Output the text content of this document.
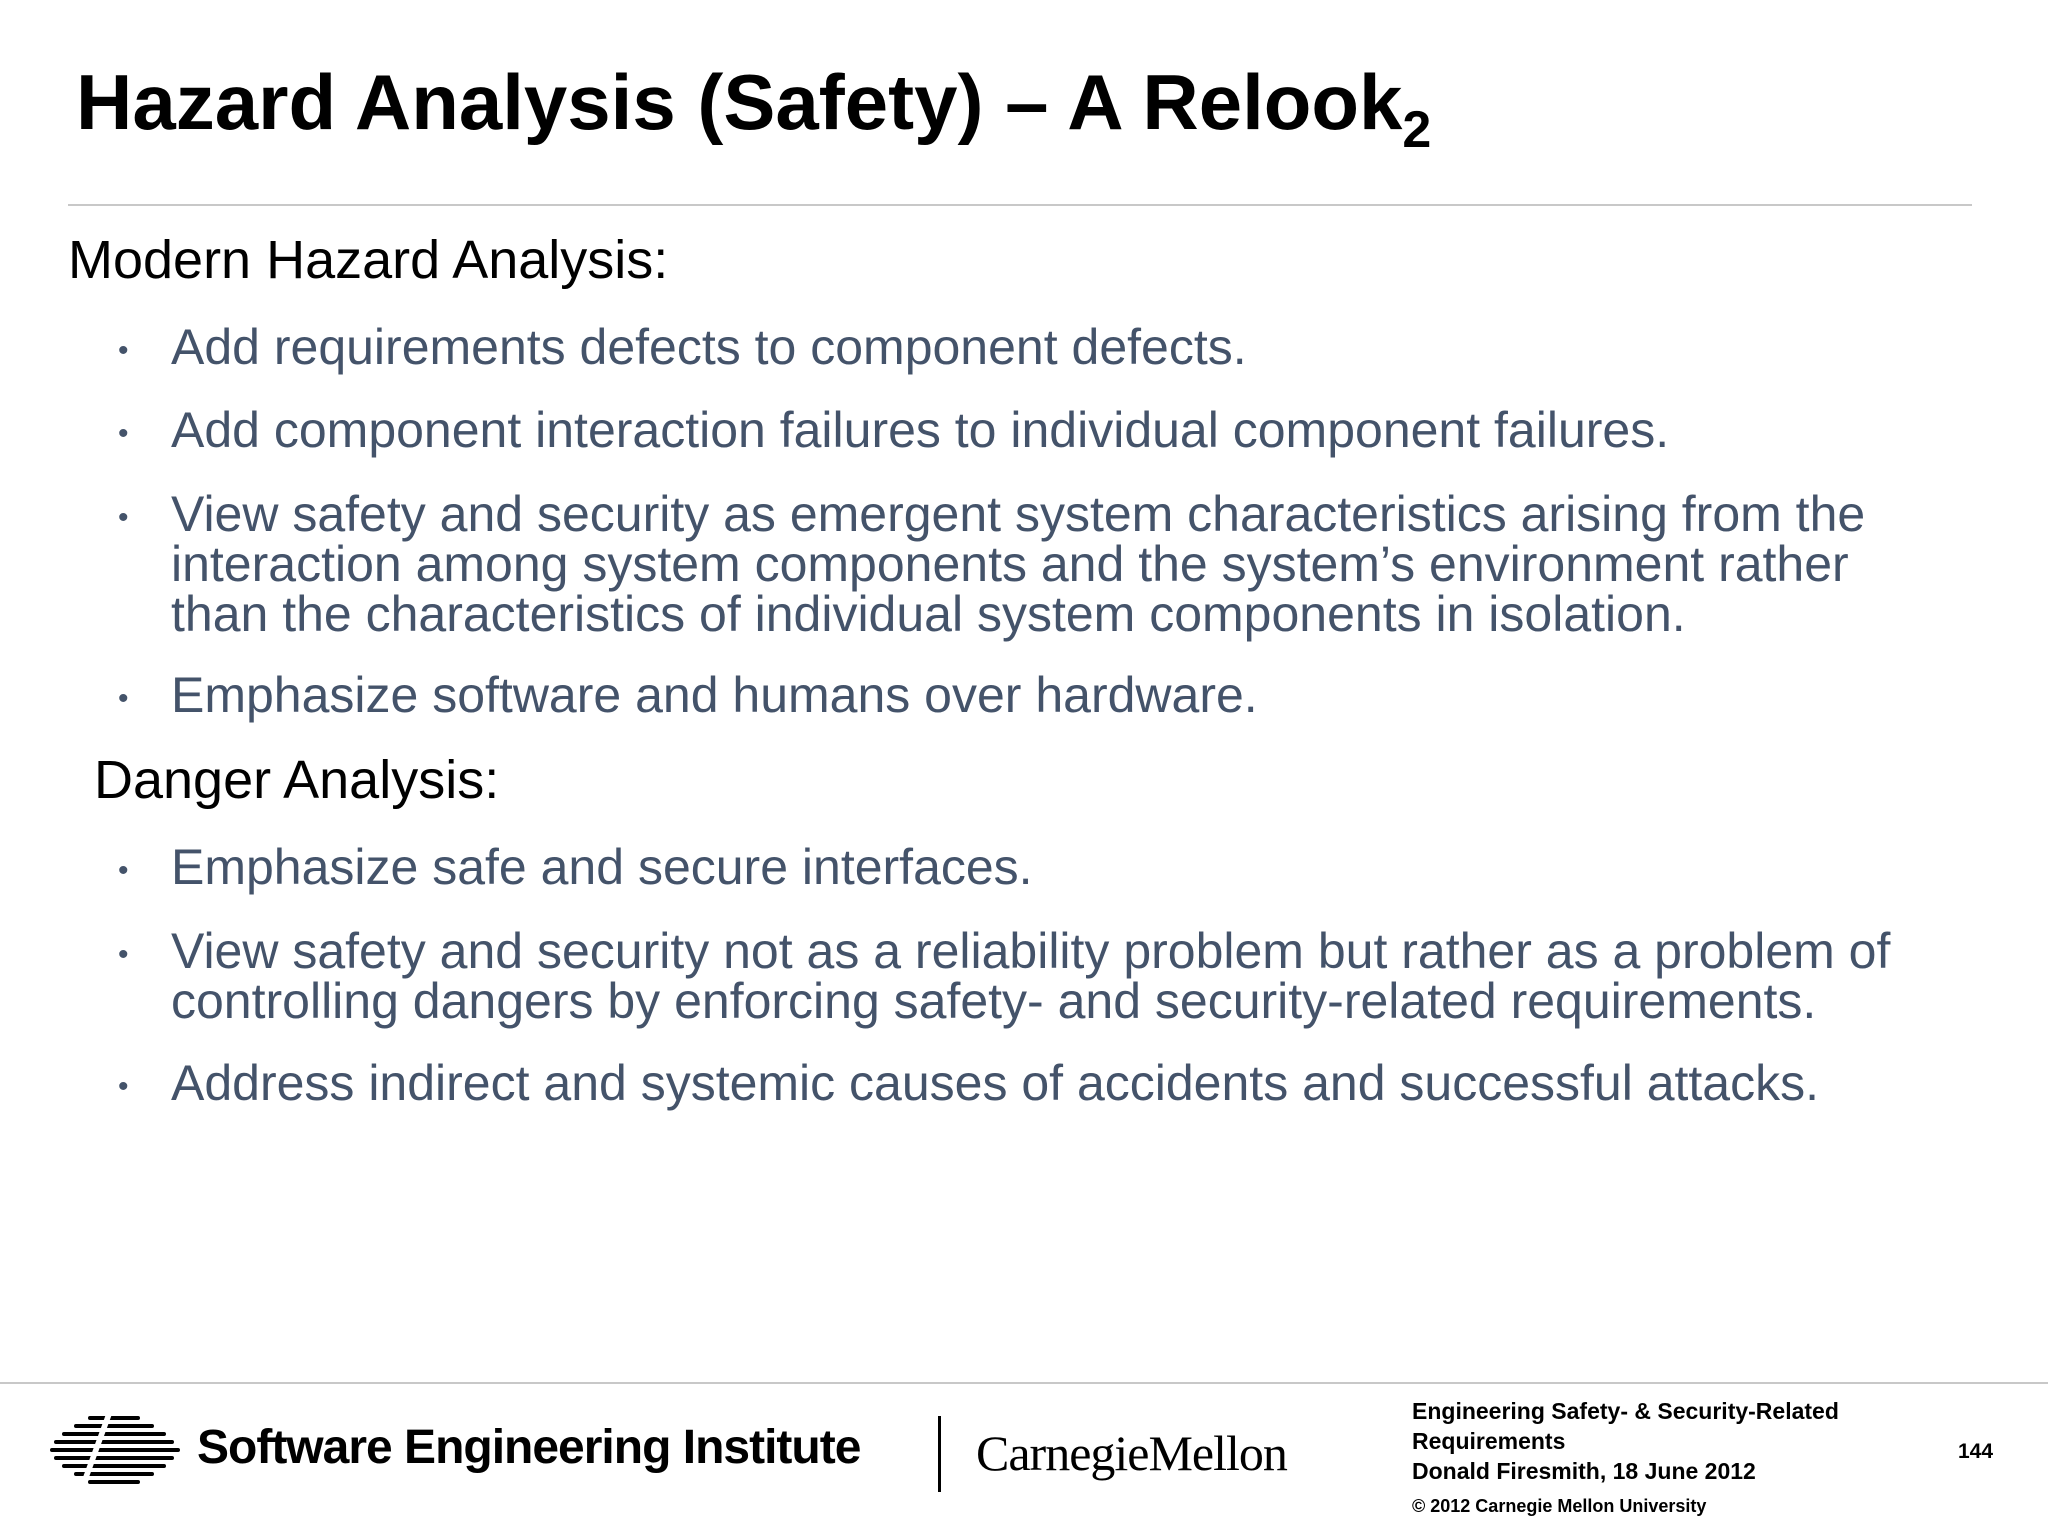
Hazard Analysis (Safety) – A Relook$_2$
Modern Hazard Analysis:
• Add requirements defects to component defects.
• Add component interaction failures to individual component failures.
• View safety and security as emergent system characteristics arising from the interaction among system components and the system’s environment rather than the characteristics of individual system components in isolation.
• Emphasize software and humans over hardware.
Danger Analysis:
• Emphasize safe and secure interfaces.
• View safety and security not as a reliability problem but rather as a problem of controlling dangers by enforcing safety- and security-related requirements.
• Address indirect and systemic causes of accidents and successful attacks.
Software Engineering Institute CarnegieMellon
Engineering Safety- & Security-Related
Requirements
Donald Firesmith, 18 June 2012
© 2012 Carnegie Mellon University
144
